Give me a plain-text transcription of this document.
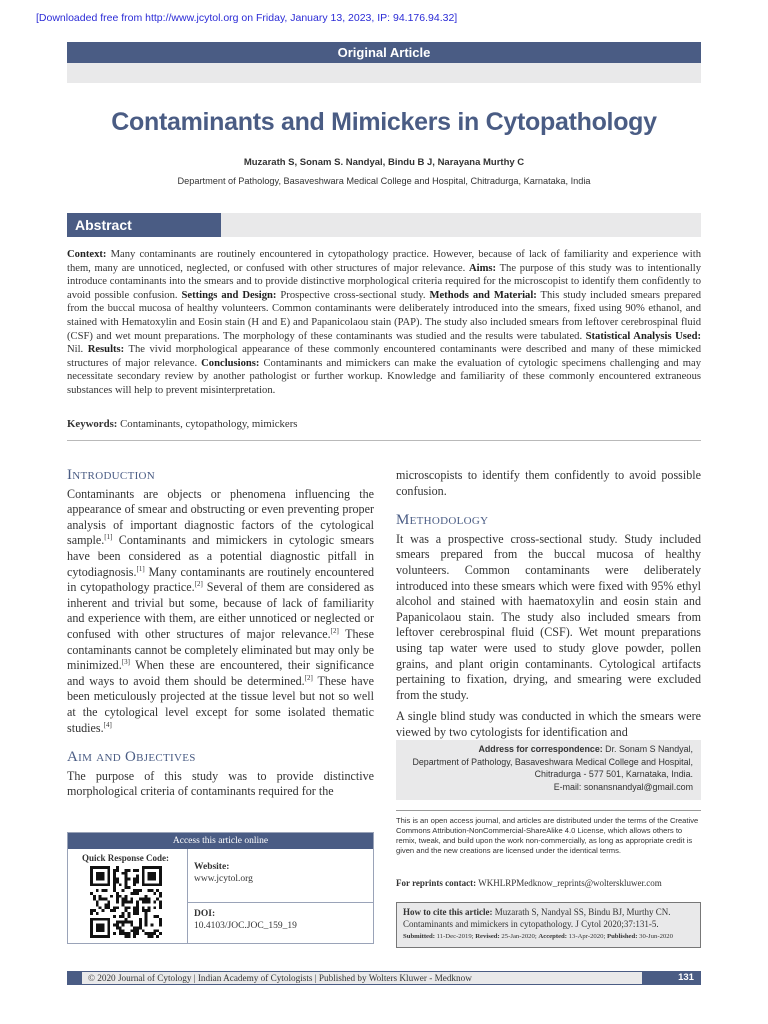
[Downloaded free from http://www.jcytol.org on Friday, January 13, 2023, IP: 94.176.94.32]
Original Article
Contaminants and Mimickers in Cytopathology
Muzarath S, Sonam S. Nandyal, Bindu B J, Narayana Murthy C
Department of Pathology, Basaveshwara Medical College and Hospital, Chitradurga, Karnataka, India
Abstract
Context: Many contaminants are routinely encountered in cytopathology practice. However, because of lack of familiarity and experience with them, many are unnoticed, neglected, or confused with other structures of major relevance. Aims: The purpose of this study was to intentionally introduce contaminants into the smears and to provide distinctive morphological criteria required for the microscopist to identify them confidently to avoid possible confusion. Settings and Design: Prospective cross-sectional study. Methods and Material: This study included smears prepared from the buccal mucosa of healthy volunteers. Common contaminants were deliberately introduced into the smears, fixed using 90% ethanol, and stained with Hematoxylin and Eosin stain (H and E) and Papanicolaou stain (PAP). The study also included smears from leftover cerebrospinal fluid (CSF) and wet mount preparations. The morphology of these contaminants was studied and the results were tabulated. Statistical Analysis Used: Nil. Results: The vivid morphological appearance of these commonly encountered contaminants were described and many of these mimicked structures of major relevance. Conclusions: Contaminants and mimickers can make the evaluation of cytologic specimens challenging and may necessitate secondary review by another pathologist or further workup. Knowledge and familiarity of these commonly encountered extraneous substances will help to prevent misinterpretation.
Keywords: Contaminants, cytopathology, mimickers
Introduction

Contaminants are objects or phenomena influencing the appearance of smear and obstructing or even preventing proper analysis of important diagnostic factors of the cytological sample.[1] Contaminants and mimickers in cytologic smears have been considered as a potential diagnostic pitfall in cytodiagnosis.[1] Many contaminants are routinely encountered in cytopathology practice.[2] Several of them are considered as inherent and trivial but some, because of lack of familiarity and experience with them, are either unnoticed or neglected or confused with other structures of major relevance.[2] These contaminants cannot be completely eliminated but may only be minimized.[3] When these are encountered, their significance and ways to avoid them should be determined.[2] These have been meticulously projected at the tissue level but not so well at the cytological level except for some isolated thematic studies.[4]

Aim and Objectives

The purpose of this study was to provide distinctive morphological criteria of contaminants required for the

microscopists to identify them confidently to avoid possible confusion.

Methodology

It was a prospective cross-sectional study. Study included smears prepared from the buccal mucosa of healthy volunteers. Common contaminants were deliberately introduced into these smears which were fixed with 95% ethyl alcohol and stained with haematoxylin and eosin stain and Papanicolaou stain. The study also included smears from leftover cerebrospinal fluid (CSF). Wet mount preparations using tap water were used to study glove powder, pollen grains, and plant origin contaminants. Cytological artifacts pertaining to fixation, drying, and smearing were excluded from the study.

A single blind study was conducted in which the smears were viewed by two cytologists for identification and

Access this article online
Quick Response Code:
Website:
www.jcytol.org
DOI:
10.4103/JOC.JOC_159_19
Address for correspondence: Dr. Sonam S Nandyal,
Department of Pathology, Basaveshwara Medical College and Hospital,
Chitradurga - 577 501, Karnataka, India.
E-mail: sonansnandyal@gmail.com
This is an open access journal, and articles are distributed under the terms of the Creative Commons Attribution-NonCommercial-ShareAlike 4.0 License, which allows others to remix, tweak, and build upon the work non-commercially, as long as appropriate credit is given and the new creations are licensed under the identical terms.
For reprints contact: WKHLRPMedknow_reprints@wolterskluwer.com
How to cite this article: Muzarath S, Nandyal SS, Bindu BJ, Murthy CN. Contaminants and mimickers in cytopathology. J Cytol 2020;37:131-5.
Submitted: 11-Dec-2019; Revised: 25-Jan-2020; Accepted: 13-Apr-2020; Published: 30-Jun-2020
© 2020 Journal of Cytology | Indian Academy of Cytologists | Published by Wolters Kluwer - Medknow	131
